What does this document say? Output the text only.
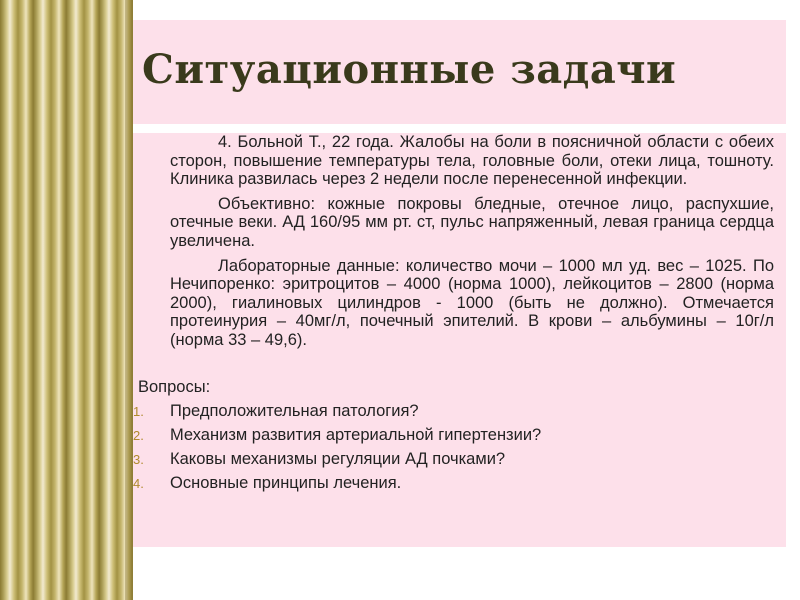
Ситуационные задачи

4. Больной Т., 22 года. Жалобы на боли в поясничной области с обеих сторон, повышение температуры тела, головные боли, отеки лица, тошноту. Клиника развилась через 2 недели после перенесенной инфекции.

Объективно: кожные покровы бледные, отечное лицо, распухшие, отечные веки. АД 160/95 мм рт. ст, пульс напряженный, левая граница сердца увеличена.

Лабораторные данные: количество мочи – 1000 мл уд. вес – 1025. По Нечипоренко: эритроцитов – 4000 (норма 1000), лейкоцитов – 2800 (норма 2000), гиалиновых цилиндров - 1000 (быть не должно). Отмечается протеинурия – 40мг/л, почечный эпителий. В крови – альбумины – 10г/л (норма 33 – 49,6).

Вопросы:

1. Предположительная патология?
2. Механизм развития артериальной гипертензии?
3. Каковы механизмы регуляции АД почками?
4. Основные принципы лечения.
